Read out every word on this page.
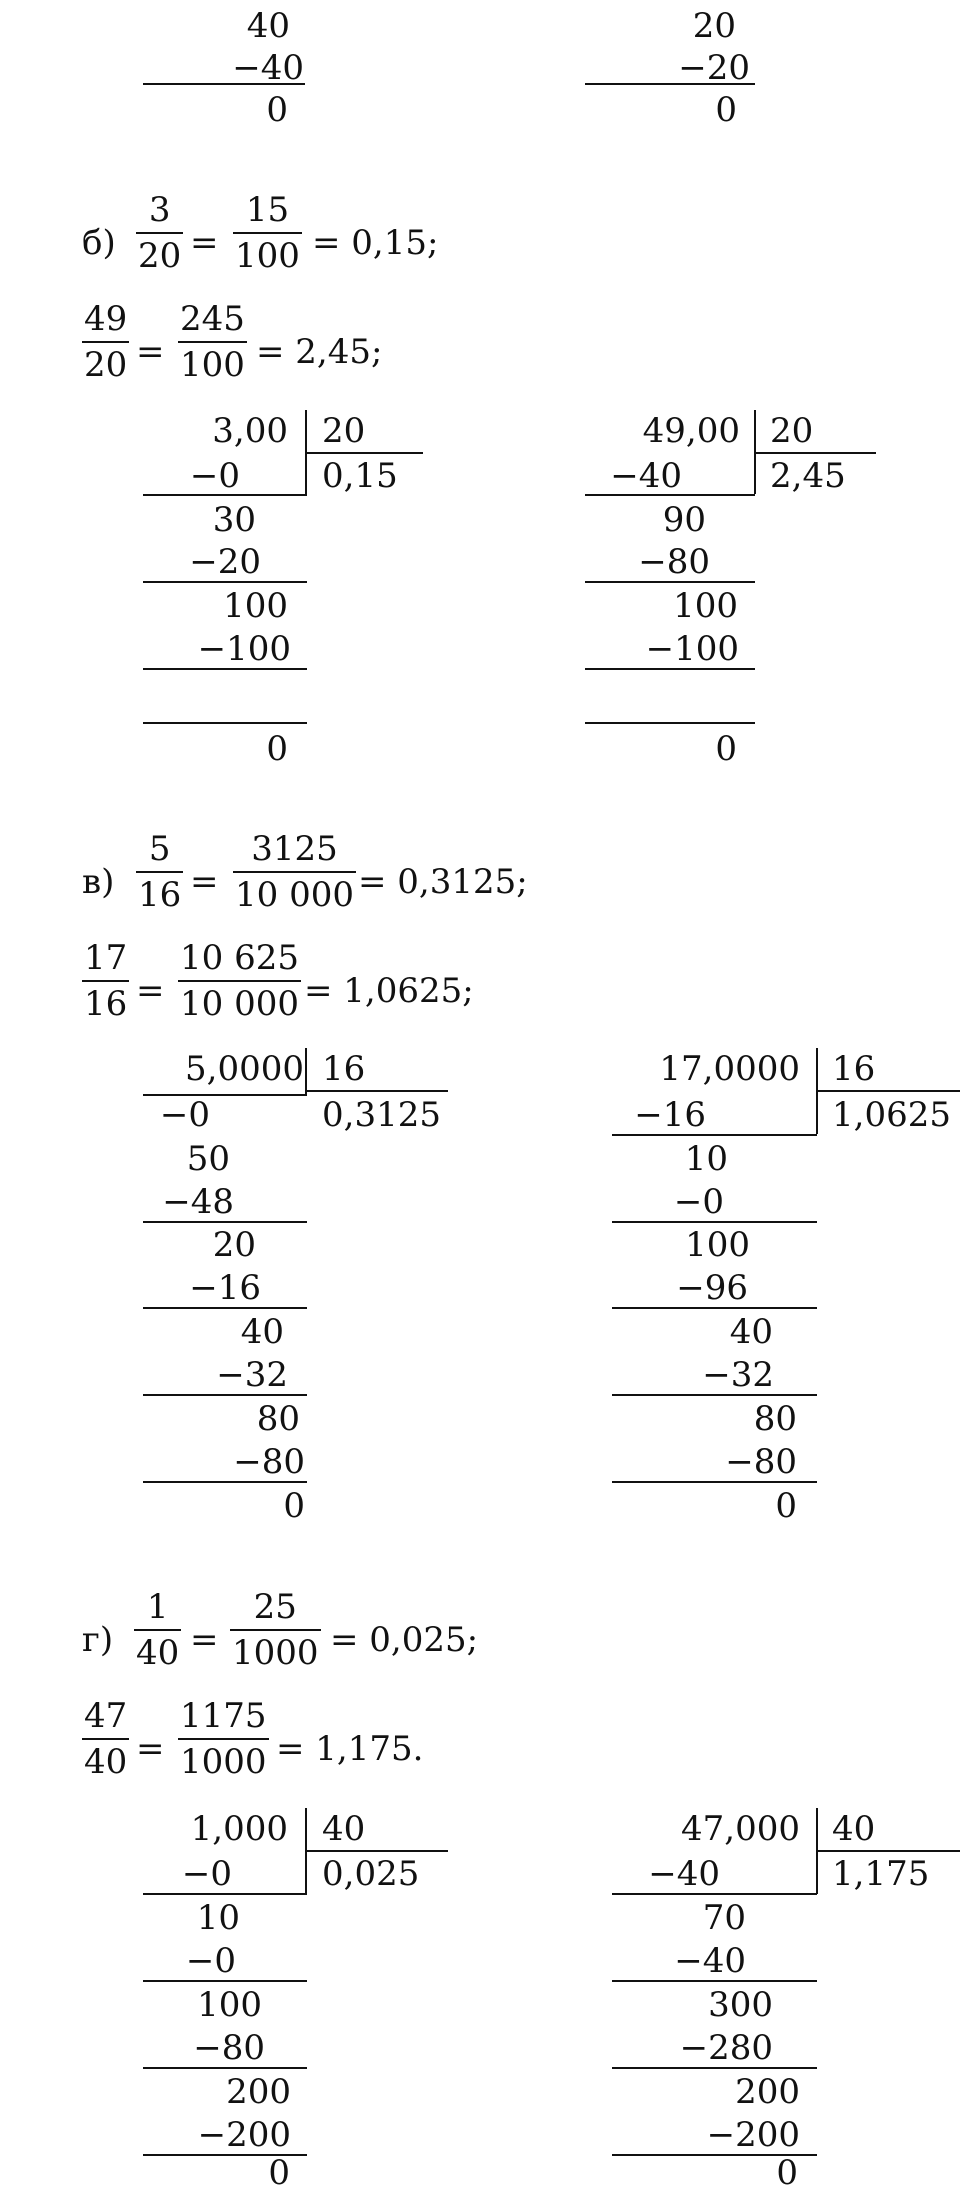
40
−40
0
20
−20
0
б)
3
20 =
15
100 = 0,15;
49
20 =
245
100 = 2,45;
3,00 20
0,15
−0
30
−20
100
−100
0
49,00 20
2,45
−40
90
−80
100
−100
0
в)
5
16 =
3125
10 000 = 0,3125;
17
16 =
10 625
10 000 = 1,0625;
5,0000 16
0,3125
−0
50
−48
20
−16
40
−32
80
−80
0
17,0000 16
1,0625
−16
10
−0
100
−96
40
−32
80
−80
0
г)
1
40 =
25
1000 = 0,025;
47
40 =
1175
1000 = 1,175.
1,000 40
0,025
−0
10
−0
100
−80
200
−200
0
47,000 40
1,175
−40
70
−40
300
−280
200
−200
0
